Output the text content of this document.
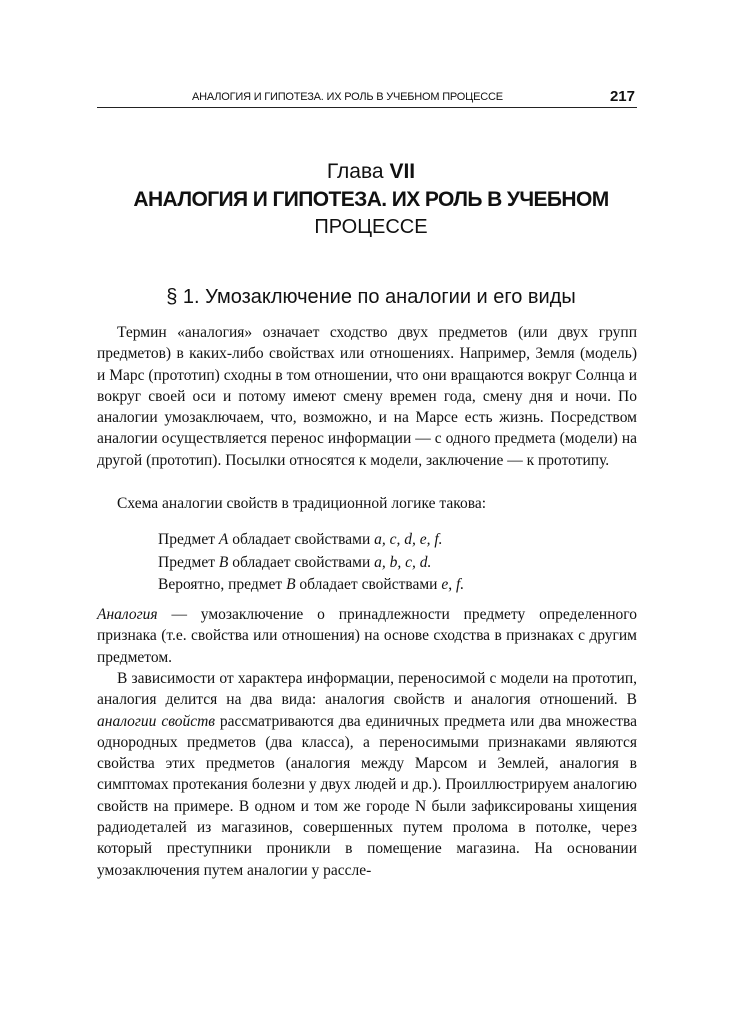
АНАЛОГИЯ И ГИПОТЕЗА. ИХ РОЛЬ В УЧЕБНОМ ПРОЦЕССЕ	217
Глава VII
АНАЛОГИЯ И ГИПОТЕЗА. ИХ РОЛЬ В УЧЕБНОМ
ПРОЦЕССЕ
§ 1. Умозаключение по аналогии и его виды

Термин «аналогия» означает сходство двух предметов (или двух групп предметов) в каких-либо свойствах или отношениях. Например, Земля (модель) и Марс (прототип) сходны в том отношении, что они вращаются вокруг Солнца и вокруг своей оси и потому имеют смену времен года, смену дня и ночи. По аналогии умозаключаем, что, возможно, и на Марсе есть жизнь. Посредством аналогии осуществляется перенос информации — с одного предмета (модели) на другой (прототип). Посылки относятся к модели, заключение — к прототипу.

Схема аналогии свойств в традиционной логике такова:

Предмет А обладает свойствами a, c, d, e, f.
Предмет В обладает свойствами a, b, c, d.
Вероятно, предмет В обладает свойствами e, f.

Аналогия — умозаключение о принадлежности предмету определенного признака (т.е. свойства или отношения) на основе сходства в признаках с другим предметом.

В зависимости от характера информации, переносимой с модели на прототип, аналогия делится на два вида: аналогия свойств и аналогия отношений. В аналогии свойств рассматриваются два единичных предмета или два множества однородных предметов (два класса), а переносимыми признаками являются свойства этих предметов (аналогия между Марсом и Землей, аналогия в симптомах протекания болезни у двух людей и др.). Проиллюстрируем аналогию свойств на примере. В одном и том же городе N были зафиксированы хищения радиодеталей из магазинов, совершенных путем пролома в потолке, через который преступники проникли в помещение магазина. На основании умозаключения путем аналогии у рассле-
